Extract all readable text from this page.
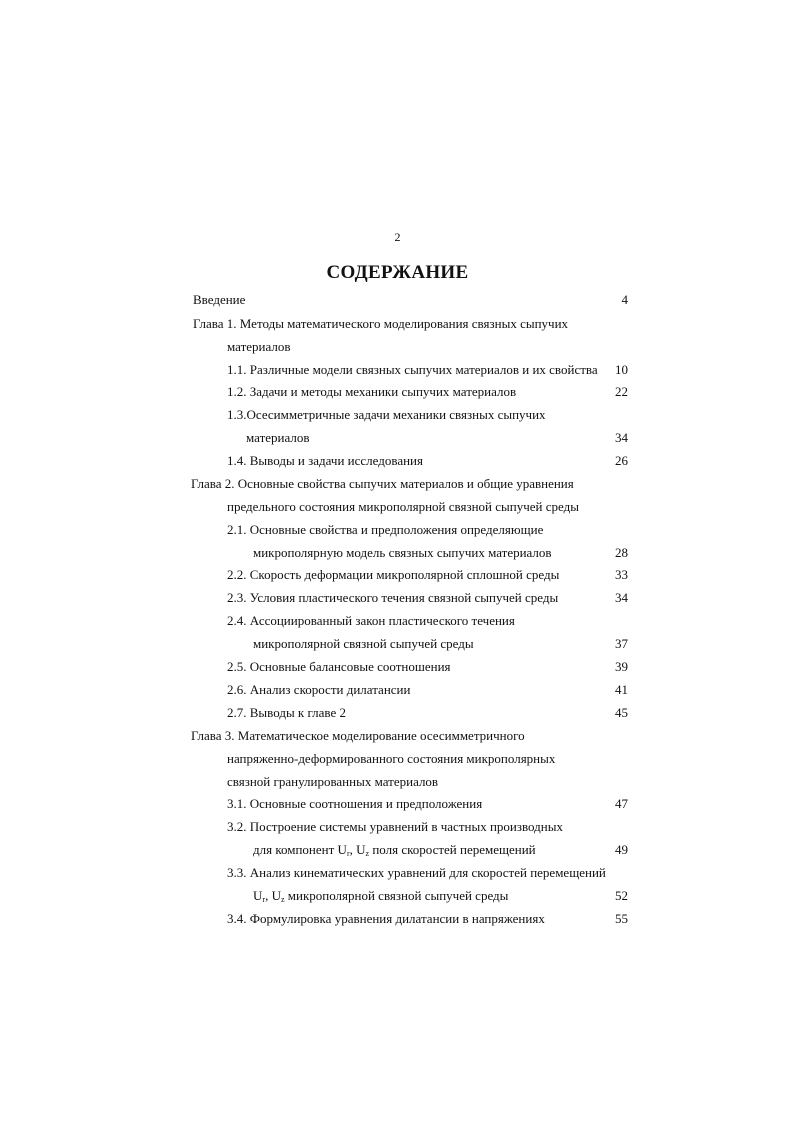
2
СОДЕРЖАНИЕ
Введение	4
Глава 1. Методы математического моделирования связных сыпучих
материалов
1.1. Различные модели связных сыпучих материалов и их свойства 10
1.2. Задачи и методы механики сыпучих материалов	22
1.3.Осесимметричные задачи механики связных сыпучих
материалов	34
1.4. Выводы и задачи исследования	26
Глава 2. Основные свойства сыпучих материалов и общие уравнения
предельного состояния микрополярной связной сыпучей среды
2.1. Основные свойства и предположения определяющие
микрополярную модель связных сыпучих материалов	28
2.2. Скорость деформации микрополярной сплошной среды	33
2.3. Условия пластического течения связной сыпучей среды	34
2.4. Ассоциированный закон пластического течения
микрополярной связной сыпучей среды	37
2.5. Основные балансовые соотношения	39
2.6. Анализ скорости дилатансии	41
2.7. Выводы к главе 2	45
Глава 3. Математическое моделирование осесимметричного
напряженно-деформированного состояния микрополярных
связной гранулированных материалов
3.1. Основные соотношения и предположения	47
3.2. Построение системы уравнений в частных производных
для компонент $U_r$, $U_z$ поля скоростей перемещений	49
3.3. Анализ кинематических уравнений для скоростей перемещений
$U_r$, $U_z$ микрополярной связной сыпучей среды	52
3.4. Формулировка уравнения дилатансии в напряжениях	55
